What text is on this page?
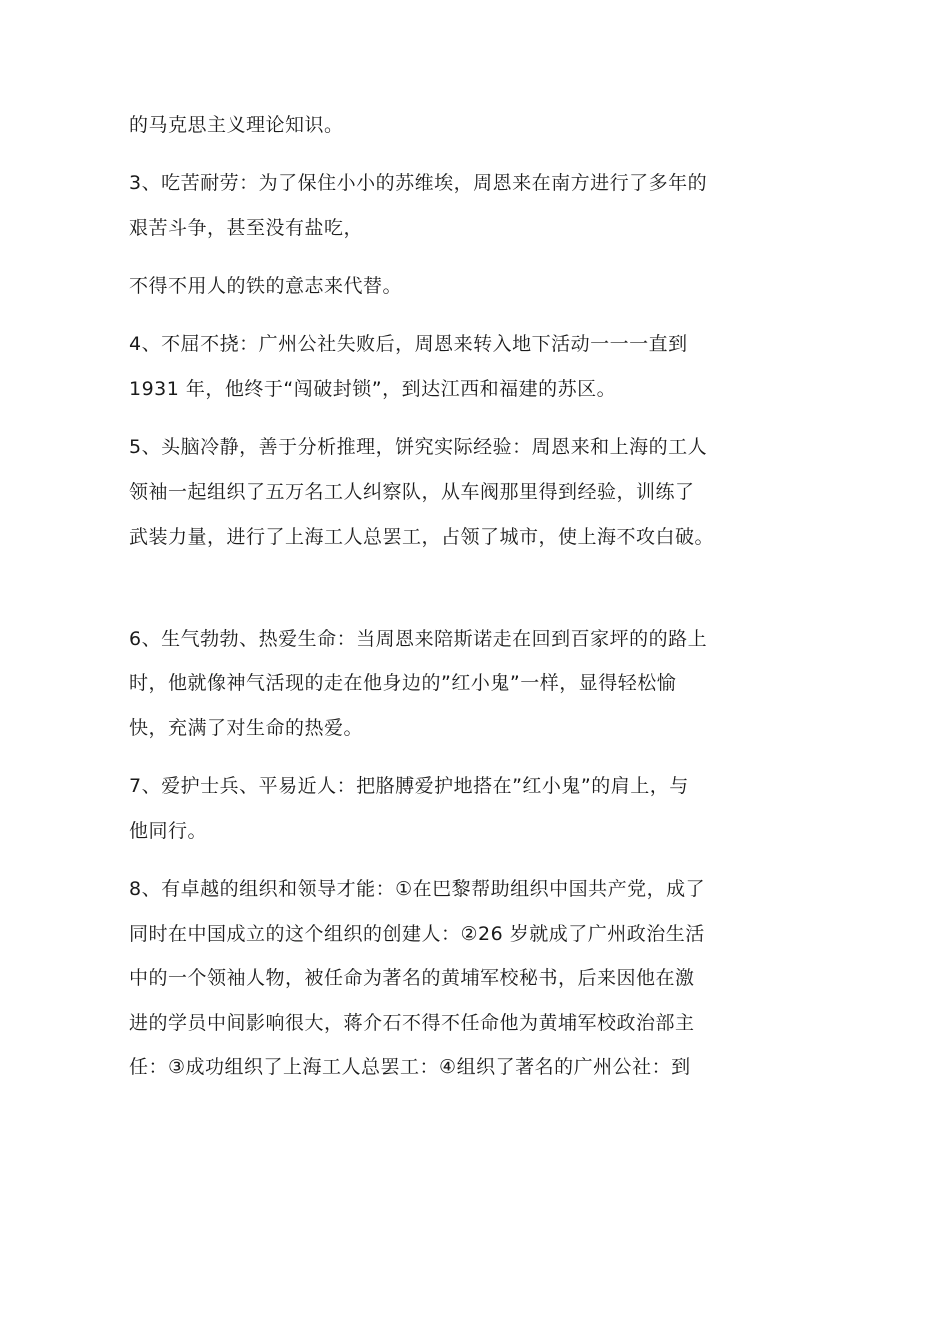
的马克思主义理论知识。
3、吃苦耐劳：为了保住小小的苏维埃，周恩来在南方进行了多年的
艰苦斗争，甚至没有盐吃，
不得不用人的铁的意志来代替。
4、不屈不挠：广州公社失败后，周恩来转入地下活动一一一直到
1931 年，他终于“闯破封锁”，到达江西和福建的苏区。
5、头脑冷静，善于分析推理，饼究实际经验：周恩来和上海的工人
领袖一起组织了五万名工人纠察队，从车阀那里得到经验，训练了
武装力量，进行了上海工人总罢工，占领了城市，使上海不攻白破。
6、生气勃勃、热爱生命：当周恩来陪斯诺走在回到百家坪的的路上
时，他就像神气活现的走在他身边的”红小鬼”一样，显得轻松愉
快，充满了对生命的热爱。
7、爱护士兵、平易近人：把胳膊爱护地搭在”红小鬼”的肩上，与
他同行。
8、有卓越的组织和领导才能：①在巴黎帮助组织中国共产党，成了
同时在中国成立的这个组织的创建人：②26 岁就成了广州政治生活
中的一个领袖人物，被任命为著名的黄埔军校秘书，后来因他在激
进的学员中间影响很大，蒋介石不得不任命他为黄埔军校政治部主
任：③成功组织了上海工人总罢工：④组织了著名的广州公社：到
